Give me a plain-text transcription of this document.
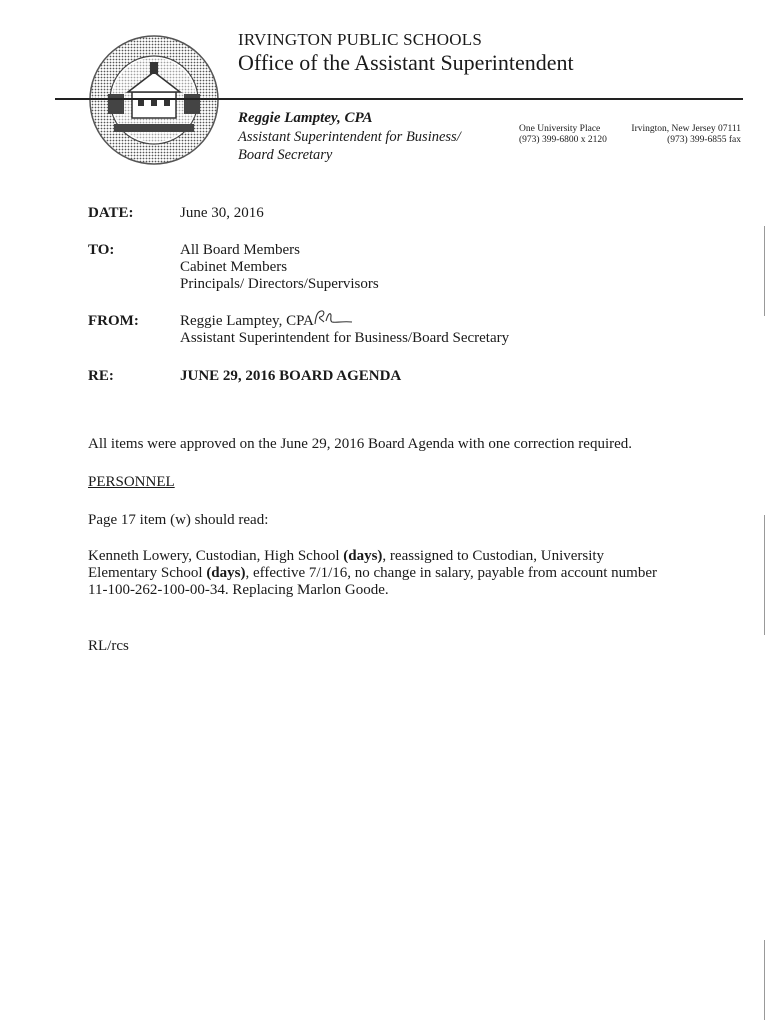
IRVINGTON PUBLIC SCHOOLS
Office of the Assistant Superintendent
Reggie Lamptey, CPA
Assistant Superintendent for Business/
Board Secretary
One University Place
(973) 399-6800 x 2120
Irvington, New Jersey 07111
(973) 399-6855 fax
DATE:	June 30, 2016
TO:	All Board Members
Cabinet Members
Principals/ Directors/Supervisors
FROM:	Reggie Lamptey, CPA
Assistant Superintendent for Business/Board Secretary
RE:	JUNE 29, 2016 BOARD AGENDA
All items were approved on the June 29, 2016 Board Agenda with one correction required.
PERSONNEL
Page 17 item (w) should read:
Kenneth Lowery, Custodian, High School (days), reassigned to Custodian, University
Elementary School (days), effective 7/1/16, no change in salary, payable from account number
11-100-262-100-00-34. Replacing Marlon Goode.
RL/rcs
